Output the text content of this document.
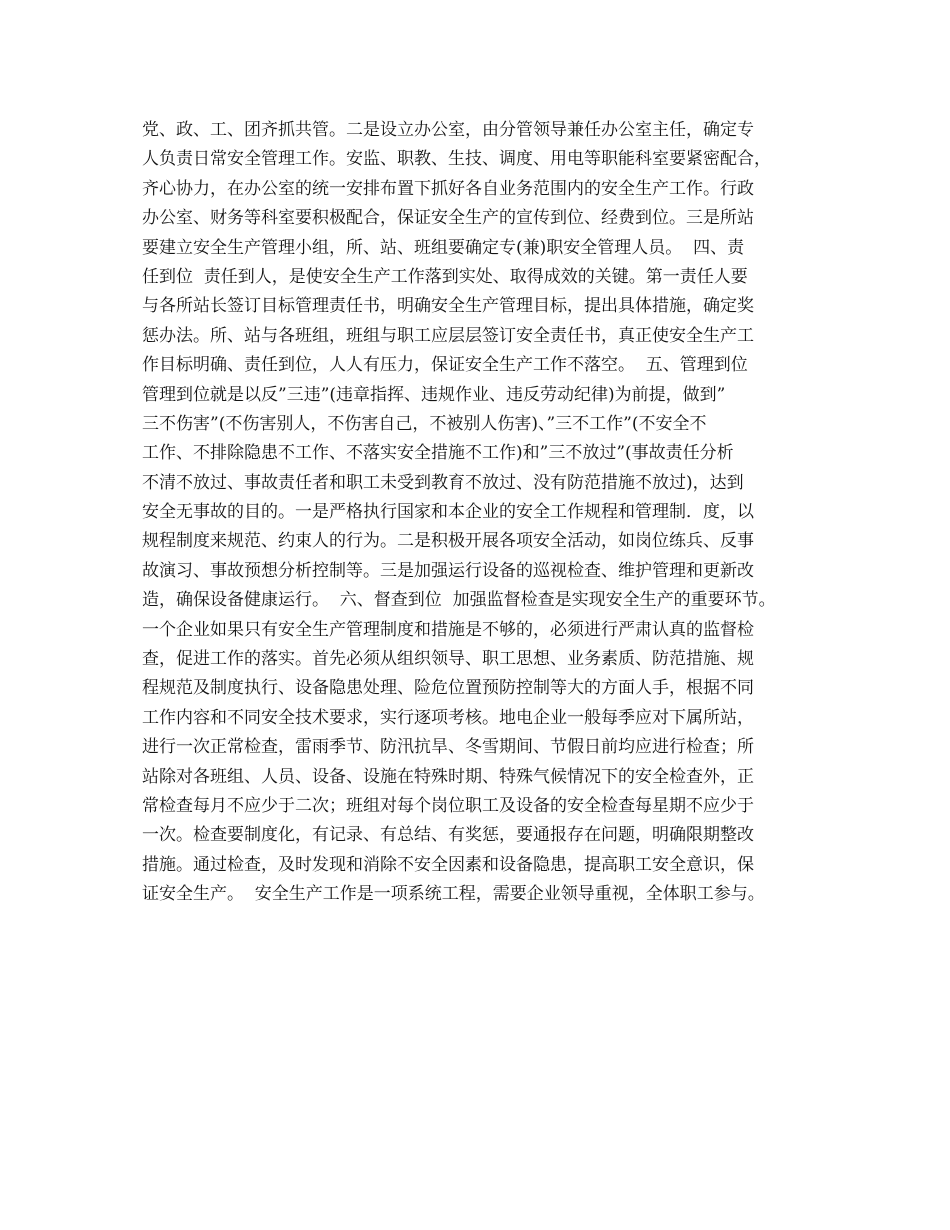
党、政、工、团齐抓共管。二是设立办公室，由分管领导兼任办公室主任，确定专
人负责日常安全管理工作。安监、职教、生技、调度、用电等职能科室要紧密配合，
齐心协力，在办公室的统一安排布置下抓好各自业务范围内的安全生产工作。行政
办公室、财务等科室要积极配合，保证安全生产的宣传到位、经费到位。三是所站
要建立安全生产管理小组，所、站、班组要确定专(兼)职安全管理人员。  四、责
任到位  责任到人，是使安全生产工作落到实处、取得成效的关键。第一责任人要
与各所站长签订目标管理责任书，明确安全生产管理目标，提出具体措施，确定奖
惩办法。所、站与各班组，班组与职工应层层签订安全责任书，真正使安全生产工
作目标明确、责任到位，人人有压力，保证安全生产工作不落空。  五、管理到位
管理到位就是以反”三违”(违章指挥、违规作业、违反劳动纪律)为前提，做到”
三不伤害”(不伤害别人，不伤害自己，不被别人伤害)、”三不工作”(不安全不
工作、不排除隐患不工作、不落实安全措施不工作)和”三不放过”(事故责任分析
不清不放过、事故责任者和职工未受到教育不放过、没有防范措施不放过)，达到
安全无事故的目的。一是严格执行国家和本企业的安全工作规程和管理制．度，以
规程制度来规范、约束人的行为。二是积极开展各项安全活动，如岗位练兵、反事
故演习、事故预想分析控制等。三是加强运行设备的巡视检查、维护管理和更新改
造，确保设备健康运行。  六、督查到位  加强监督检查是实现安全生产的重要环节。
一个企业如果只有安全生产管理制度和措施是不够的，必须进行严肃认真的监督检
查，促进工作的落实。首先必须从组织领导、职工思想、业务素质、防范措施、规
程规范及制度执行、设备隐患处理、险危位置预防控制等大的方面人手，根据不同
工作内容和不同安全技术要求，实行逐项考核。地电企业一般每季应对下属所站，
进行一次正常检查，雷雨季节、防汛抗旱、冬雪期间、节假日前均应进行检查；所
站除对各班组、人员、设备、设施在特殊时期、特殊气候情况下的安全检查外，正
常检查每月不应少于二次；班组对每个岗位职工及设备的安全检查每星期不应少于
一次。检查要制度化，有记录、有总结、有奖惩，要通报存在问题，明确限期整改
措施。通过检查，及时发现和消除不安全因素和设备隐患，提高职工安全意识，保
证安全生产。  安全生产工作是一项系统工程，需要企业领导重视，全体职工参与。
